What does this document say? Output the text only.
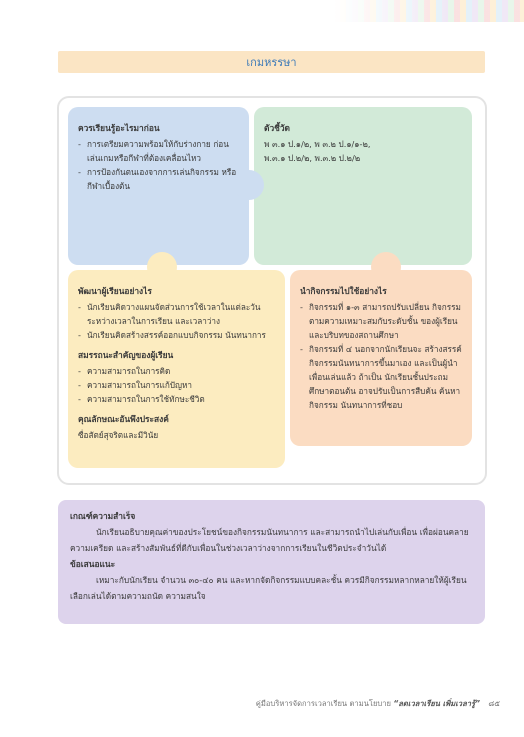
เกมหรรษา
ควรเรียนรู้อะไรมาก่อน
- การเตรียมความพร้อมให้กับร่างกาย ก่อนเล่นเกมหรือกีฬาที่ต้องเคลื่อนไหว
- การป้องกันตนเองจากการเล่นกิจกรรม หรือกีฬาเบื้องต้น
ตัวชี้วัด

พ ๓.๑ ป.๑/๒, พ ๓.๒ ป.๑/๑-๒,

พ.๓.๑ ป.๒/๒, พ.๓.๒ ป.๒/๒

พัฒนาผู้เรียนอย่างไร
- นักเรียนคิดวางแผนจัดส่วนการใช้เวลาในแต่ละวัน ระหว่างเวลาในการเรียน และเวลาว่าง
- นักเรียนคิดสร้างสรรค์ออกแบบกิจกรรม นันทนาการ
สมรรถนะสำคัญของผู้เรียน
- ความสามารถในการคิด
- ความสามารถในการแก้ปัญหา
- ความสามารถในการใช้ทักษะชีวิต
คุณลักษณะอันพึงประสงค์

ซื่อสัตย์สุจริตและมีวินัย

นำกิจกรรมไปใช้อย่างไร
- กิจกรรมที่ ๑-๓ สามารถปรับเปลี่ยน กิจกรรมตามความเหมาะสมกับระดับชั้น ของผู้เรียน และบริบทของสถานศึกษา
- กิจกรรมที่ ๔ นอกจากนักเรียนจะ สร้างสรรค์กิจกรรมนันทนาการขึ้นมาเอง และเป็นผู้นำเพื่อนเล่นแล้ว ถ้าเป็น นักเรียนชั้นประถมศึกษาตอนต้น อาจปรับเป็นการสืบค้น ค้นหากิจกรรม นันทนาการที่ชอบ
เกณฑ์ความสำเร็จ

นักเรียนอธิบายคุณค่าของประโยชน์ของกิจกรรมนันทนาการ และสามารถนำไปเล่นกับเพื่อน เพื่อผ่อนคลายความเครียด และสร้างสัมพันธ์ที่ดีกับเพื่อนในช่วงเวลาว่างจากการเรียนในชีวิตประจำวันได้

ข้อเสนอแนะ

เหมาะกับนักเรียน จำนวน ๓๐-๔๐ คน และหากจัดกิจกรรมแบบคละชั้น ควรมีกิจกรรมหลากหลายให้ผู้เรียนเลือกเล่นได้ตามความถนัด ความสนใจ

คู่มือบริหารจัดการเวลาเรียน ตามนโยบาย “ลดเวลาเรียน เพิ่มเวลารู้” ๘๕
